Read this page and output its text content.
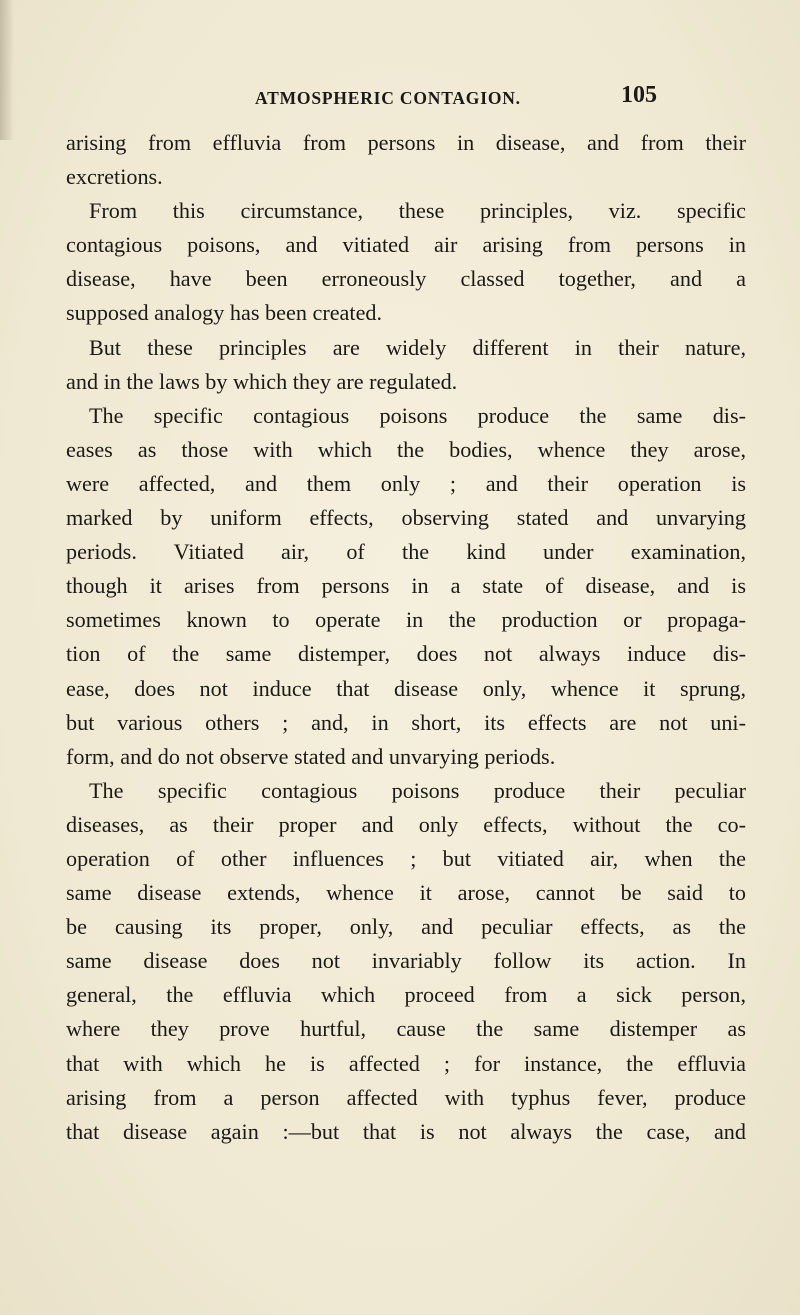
ATMOSPHERIC CONTAGION.	105
arising from effluvia from persons in disease, and from their
excretions.
From this circumstance, these principles, viz. specific
contagious poisons, and vitiated air arising from persons in
disease, have been erroneously classed together, and a
supposed analogy has been created.
But these principles are widely different in their nature,
and in the laws by which they are regulated.
The specific contagious poisons produce the same dis-
eases as those with which the bodies, whence they arose,
were affected, and them only ; and their operation is
marked by uniform effects, observing stated and unvarying
periods. Vitiated air, of the kind under examination,
though it arises from persons in a state of disease, and is
sometimes known to operate in the production or propaga-
tion of the same distemper, does not always induce dis-
ease, does not induce that disease only, whence it sprung,
but various others ; and, in short, its effects are not uni-
form, and do not observe stated and unvarying periods.
The specific contagious poisons produce their peculiar
diseases, as their proper and only effects, without the co-
operation of other influences ; but vitiated air, when the
same disease extends, whence it arose, cannot be said to
be causing its proper, only, and peculiar effects, as the
same disease does not invariably follow its action. In
general, the effluvia which proceed from a sick person,
where they prove hurtful, cause the same distemper as
that with which he is affected ; for instance, the effluvia
arising from a person affected with typhus fever, produce
that disease again :—but that is not always the case, and
